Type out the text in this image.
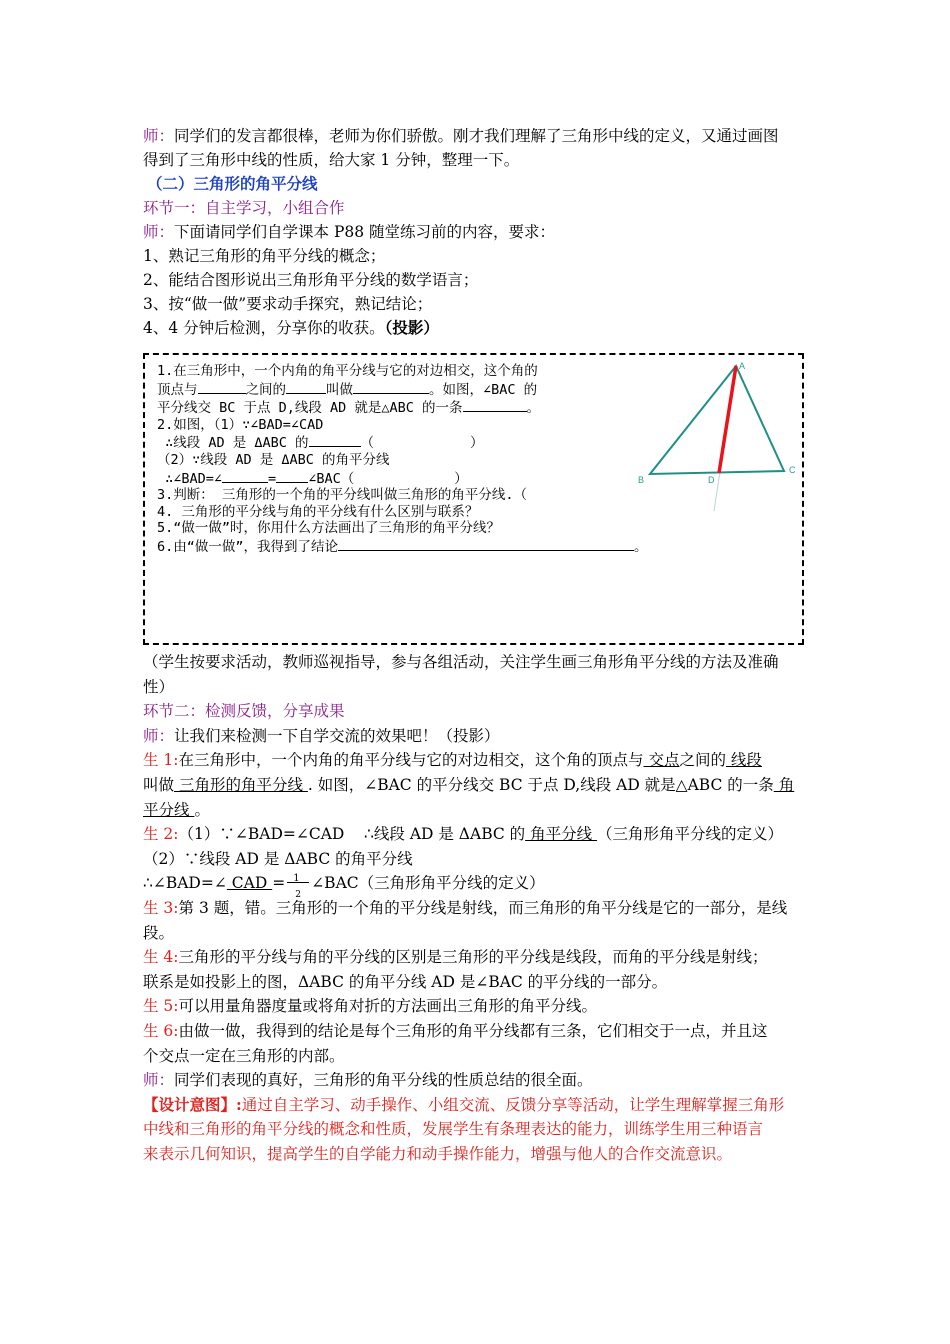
师：同学们的发言都很棒，老师为你们骄傲。刚才我们理解了三角形中线的定义，又通过画图
得到了三角形中线的性质，给大家 1 分钟，整理一下。
（二）三角形的角平分线
环节一：自主学习，小组合作
师：下面请同学们自学课本 P88 随堂练习前的内容，要求：
1、熟记三角形的角平分线的概念；
2、能结合图形说出三角形角平分线的数学语言；
3、按“做一做”要求动手探究，熟记结论；
4、4 分钟后检测，分享你的收获。（投影）
1.在三角形中，一个内角的角平分线与它的对边相交，这个角的
顶点与	之间的	叫做	。如图，∠BAC 的
平分线交 BC 于点 D,线段 AD 就是△ABC 的一条	。
2.如图，（1）∵∠BAD=∠CAD
∴线段 AD 是 ΔABC 的	（	）
（2）∵线段 AD 是 ΔABC 的角平分线
∴∠BAD=∠	= ∠BAC（	）
3.判断： 三角形的一个角的平分线叫做三角形的角平分线.（
4. 三角形的平分线与角的平分线有什么区别与联系？
5.“做一做”时，你用什么方法画出了三角形的角平分线？
6.由“做一做”，我得到了结论	。
A
B
C
D
（学生按要求活动，教师巡视指导，参与各组活动，关注学生画三角形角平分线的方法及准确
性）
环节二：检测反馈，分享成果
师：让我们来检测一下自学交流的效果吧！（投影）
生 1:在三角形中，一个内角的角平分线与它的对边相交，这个角的顶点与 交点之间的 线段
叫做 三角形的角平分线 . 如图，∠BAC 的平分线交 BC 于点 D,线段 AD 就是△ABC 的一条 角
平分线 。
生 2:（1）∵∠BAD=∠CAD    ∴线段 AD 是 ΔABC 的 角平分线 （三角形角平分线的定义）
（2）∵线段 AD 是 ΔABC 的角平分线
∴∠BAD=∠ CAD = 1
2
∠BAC（三角形角平分线的定义）
生 3:第 3 题，错。三角形的一个角的平分线是射线，而三角形的角平分线是它的一部分，是线
段。
生 4:三角形的平分线与角的平分线的区别是三角形的平分线是线段，而角的平分线是射线；
联系是如投影上的图，ΔABC 的角平分线 AD 是∠BAC 的平分线的一部分。
生 5:可以用量角器度量或将角对折的方法画出三角形的角平分线。
生 6:由做一做，我得到的结论是每个三角形的角平分线都有三条，它们相交于一点，并且这
个交点一定在三角形的内部。
师：同学们表现的真好，三角形的角平分线的性质总结的很全面。
【设计意图】:通过自主学习、动手操作、小组交流、反馈分享等活动，让学生理解掌握三角形
中线和三角形的角平分线的概念和性质，发展学生有条理表达的能力，训练学生用三种语言
来表示几何知识，提高学生的自学能力和动手操作能力，增强与他人的合作交流意识。
